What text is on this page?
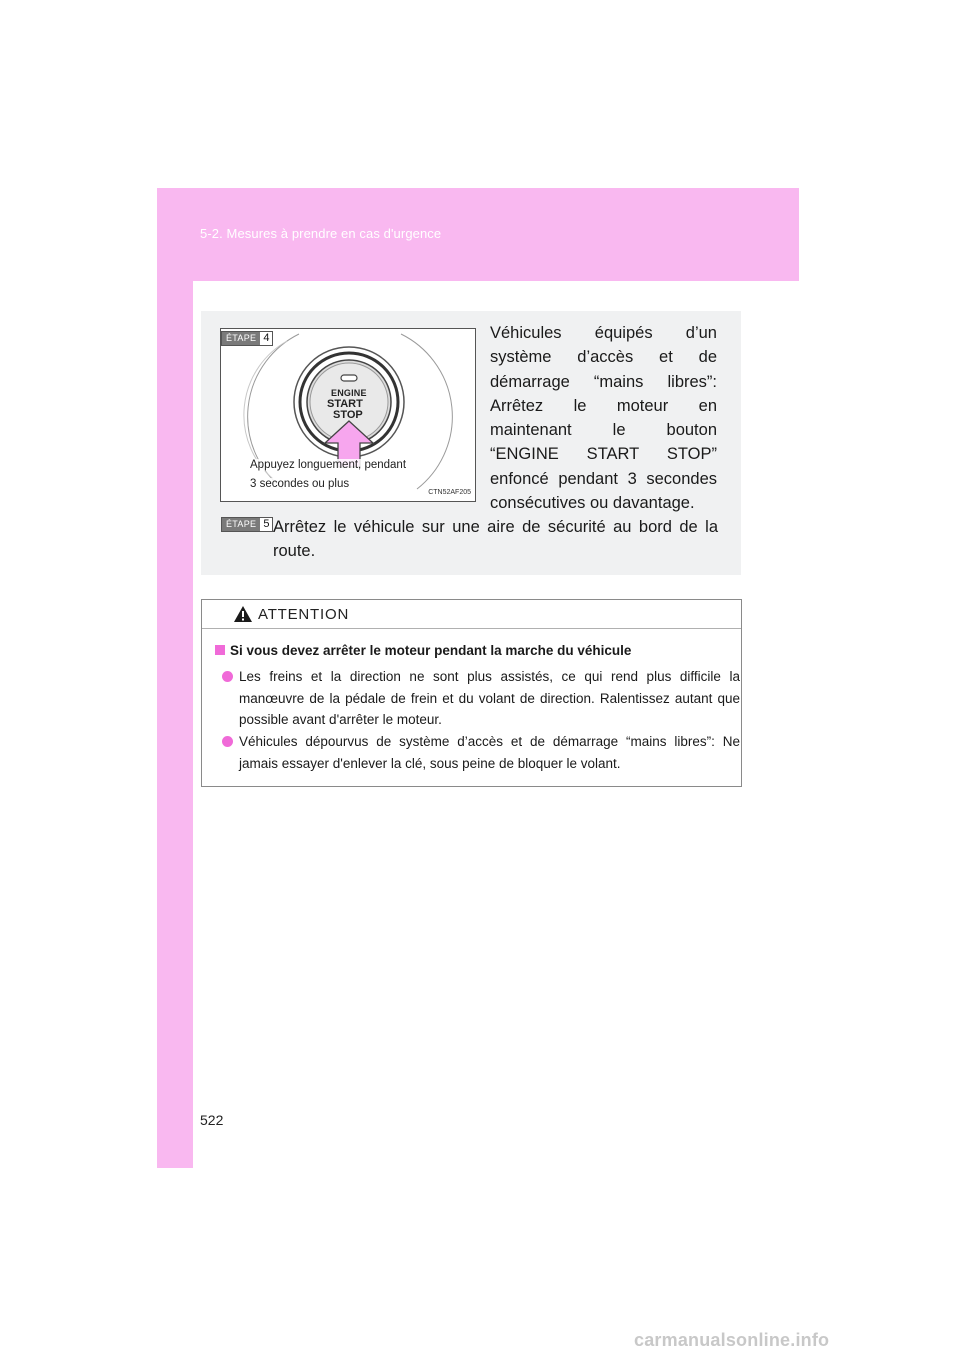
5-2. Mesures à prendre en cas d'urgence
ENGINE
START
STOP
Appuyez longuement, pendant
3 secondes ou plus
CTN52AF205
ÉTAPE 4	Véhicules équipés d’un système d’accès et de démarrage “mains libres”: Arrêtez le moteur en maintenant le bouton “ENGINE START STOP” enfoncé pendant 3 secondes consécutives ou davantage.
ÉTAPE 5 Arrêtez le véhicule sur une aire de sécurité au bord de la route.
ATTENTION
Si vous devez arrêter le moteur pendant la marche du véhicule
Les freins et la direction ne sont plus assistés, ce qui rend plus difficile la manœuvre de la pédale de frein et du volant de direction. Ralentissez autant que possible avant d'arrêter le moteur.
Véhicules dépourvus de système d’accès et de démarrage “mains libres”: Ne jamais essayer d'enlever la clé, sous peine de bloquer le volant.
522
carmanualsonline.info
